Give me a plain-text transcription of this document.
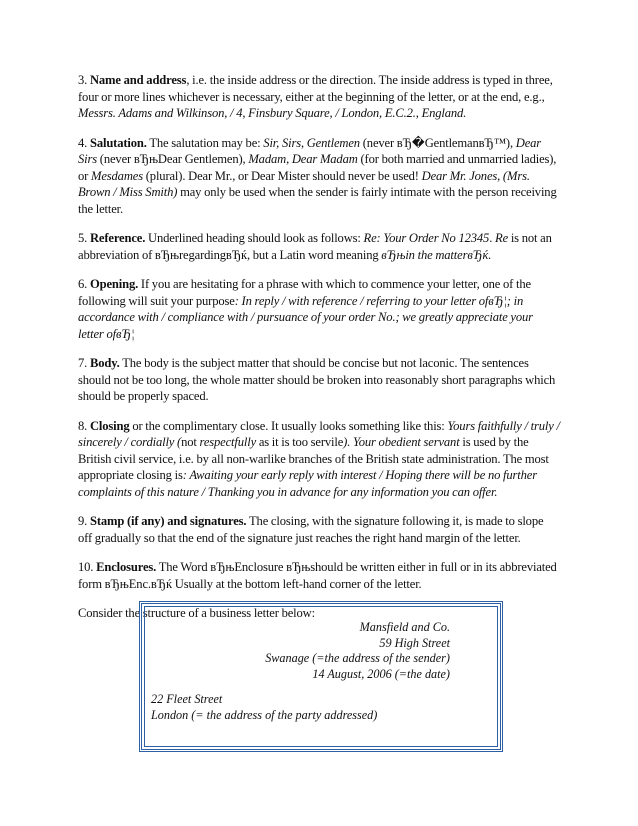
3. Name and address, i.e. the inside address or the direction. The inside address is typed in three, four or more lines whichever is necessary, either at the beginning of the letter, or at the end, e.g., Messrs. Adams and Wilkinson, / 4, Finsbury Square, / London, E.C.2., England.

4. Salutation. The salutation may be: Sir, Sirs, Gentlemen (never вЂ�GentlemanвЂ™), Dear Sirs (never вЂњDear Gentlemen), Madam, Dear Madam (for both married and unmarried ladies), or Mesdames (plural). Dear Mr., or Dear Mister should never be used! Dear Mr. Jones, (Mrs. Brown / Miss Smith) may only be used when the sender is fairly intimate with the person receiving the letter.

5. Reference. Underlined heading should look as follows: Re: Your Order No 12345. Re is not an abbreviation of вЂњregardingвЂќ, but a Latin word meaning вЂњin the matterвЂќ.

6. Opening. If you are hesitating for a phrase with which to commence your letter, one of the following will suit your purpose: In reply / with reference / referring to your letter ofвЂ¦; in accordance with / compliance with / pursuance of your order No.; we greatly appreciate your letter ofвЂ¦

7. Body. The body is the subject matter that should be concise but not laconic. The sentences should not be too long, the whole matter should be broken into reasonably short paragraphs which should be properly spaced.

8. Closing or the complimentary close. It usually looks something like this: Yours faithfully / truly / sincerely / cordially (not respectfully as it is too servile). Your obedient servant is used by the British civil service, i.e. by all non-warlike branches of the British state administration. The most appropriate closing is: Awaiting your early reply with interest / Hoping there will be no further complaints of this nature / Thanking you in advance for any information you can offer.

9. Stamp (if any) and signatures. The closing, with the signature following it, is made to slope off gradually so that the end of the signature just reaches the right hand margin of the letter.

10. Enclosures. The Word вЂњEnclosure вЂњshould be written either in full or in its abbreviated form вЂњEnc.вЂќ Usually at the bottom left-hand corner of the letter.

Consider the structure of a business letter below:

Mansfield and Co.
59 High Street
Swanage (=the address of the sender)
14 August, 2006 (=the date)
22 Fleet Street
London (= the address of the party addressed)
